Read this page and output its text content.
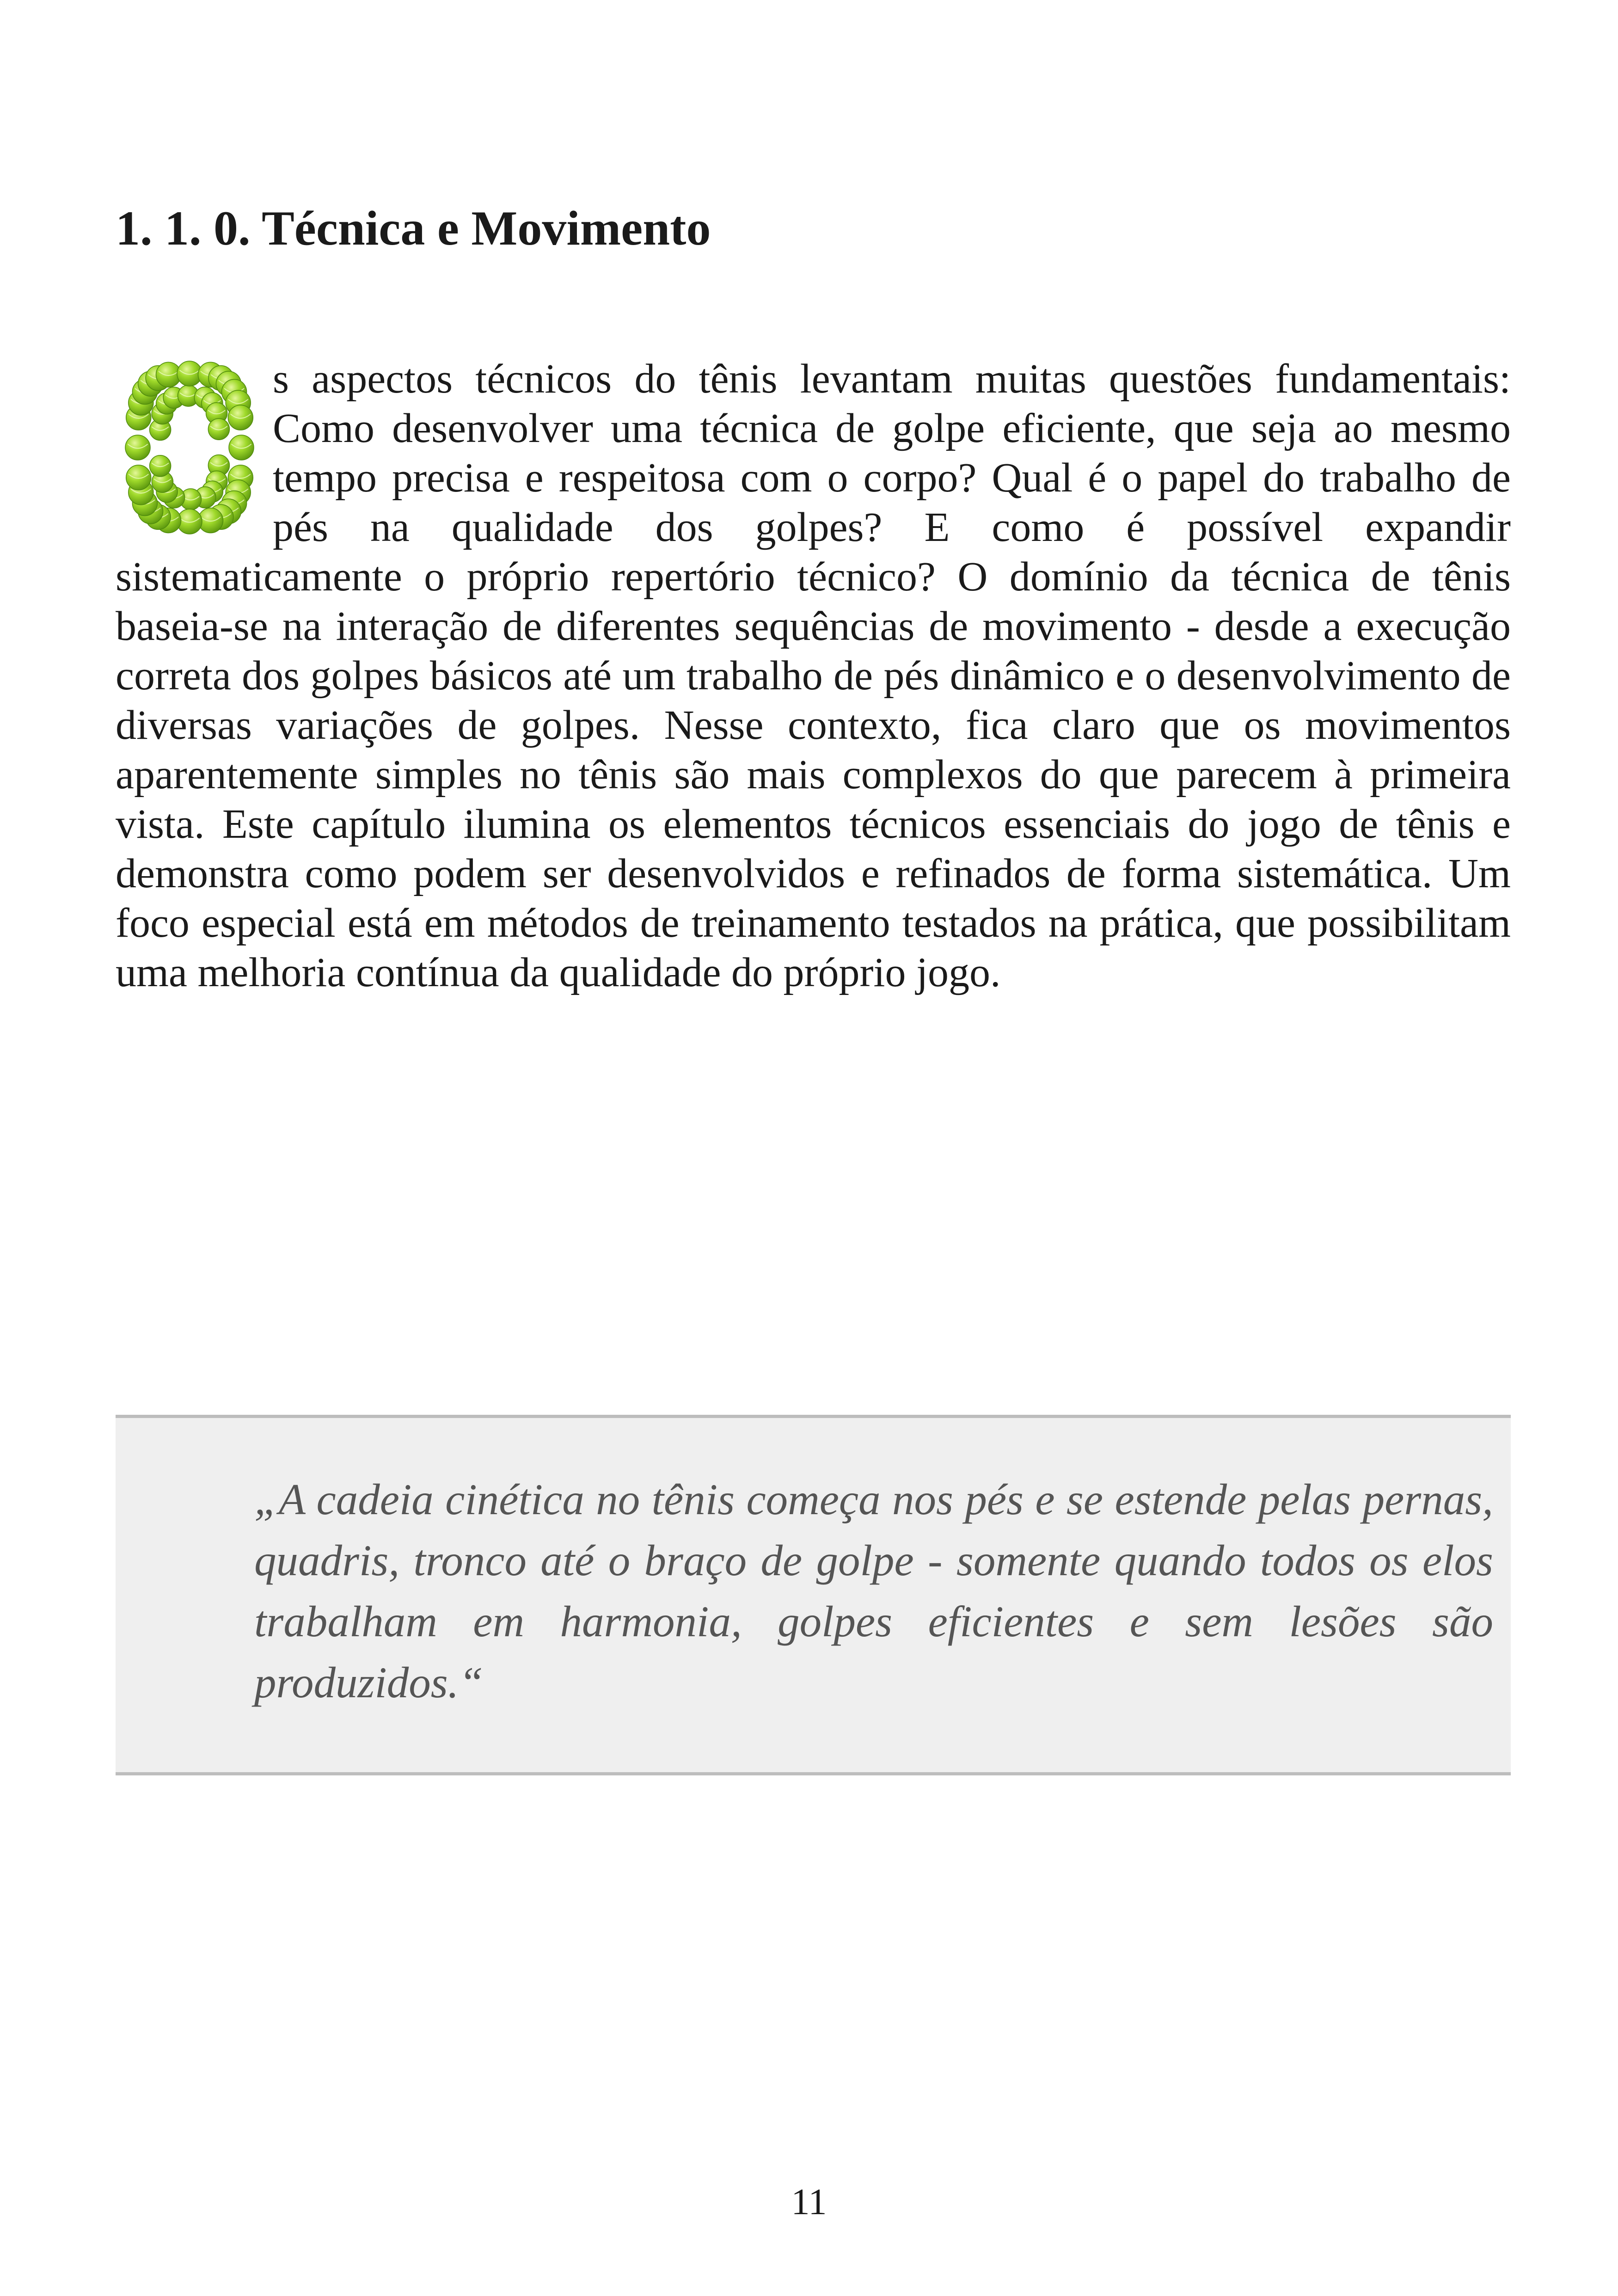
1. 1. 0. Técnica e Movimento

s aspectos técnicos do tênis levantam muitas questões fundamentais: Como desenvolver uma técnica de golpe eficiente, que seja ao mesmo tempo precisa e respeitosa com o corpo? Qual é o papel do trabalho de pés na qualidade dos golpes? E como é possível expandir sistematicamente o próprio repertório técnico? O domínio da técnica de tênis baseia-se na interação de diferentes sequências de movimento - desde a execução correta dos golpes básicos até um trabalho de pés dinâmico e o desenvolvimento de diversas variações de golpes. Nesse contexto, fica claro que os movimentos aparentemente simples no tênis são mais complexos do que parecem à primeira vista. Este capítulo ilumina os elementos técnicos essenciais do jogo de tênis e demonstra como podem ser desenvolvidos e refinados de forma sistemática. Um foco especial está em métodos de treinamento testados na prática, que possibilitam uma melhoria contínua da qualidade do próprio jogo.

„A cadeia cinética no tênis começa nos pés e se estende pelas pernas, quadris, tronco até o braço de golpe - somente quando todos os elos trabalham em harmonia, golpes eficientes e sem lesões são produzidos.“

11
